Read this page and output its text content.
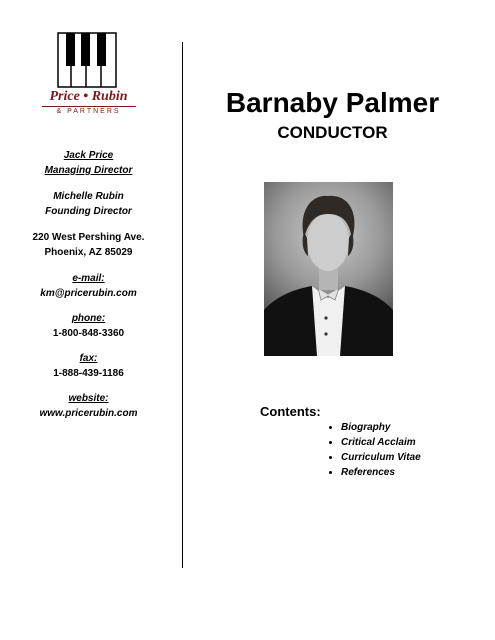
Price • Rubin
& PARTNERS
Jack Price
Managing Director
Michelle Rubin
Founding Director
220 West Pershing Ave.
Phoenix, AZ 85029
e-mail:
km@pricerubin.com
phone:
1-800-848-3360
fax:
1-888-439-1186
website:
www.pricerubin.com
Barnaby Palmer
CONDUCTOR
Contents:
• Biography
• Critical Acclaim
• Curriculum Vitae
• References
